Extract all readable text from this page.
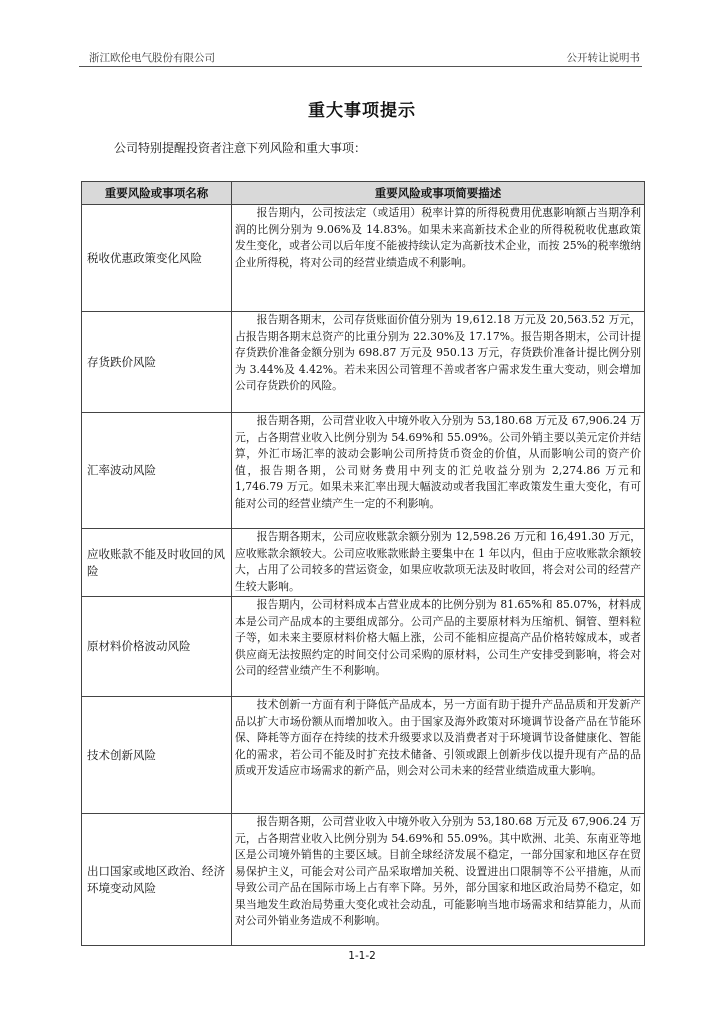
浙江欧伦电气股份有限公司	公开转让说明书
重大事项提示
公司特别提醒投资者注意下列风险和重大事项：
重要风险或事项名称	重要风险或事项简要描述
税收优惠政策变化风险	报告期内，公司按法定（或适用）税率计算的所得税费用优惠影响额占当期净利润的比例分别为 9.06%及 14.83%。如果未来高新技术企业的所得税税收优惠政策发生变化，或者公司以后年度不能被持续认定为高新技术企业，而按 25%的税率缴纳企业所得税，将对公司的经营业绩造成不利影响。
存货跌价风险	报告期各期末，公司存货账面价值分别为 19,612.18 万元及 20,563.52 万元，占报告期各期末总资产的比重分别为 22.30%及 17.17%。报告期各期末，公司计提存货跌价准备金额分别为 698.87 万元及 950.13 万元，存货跌价准备计提比例分别为 3.44%及 4.42%。若未来因公司管理不善或者客户需求发生重大变动，则会增加公司存货跌价的风险。
汇率波动风险	报告期各期，公司营业收入中境外收入分别为 53,180.68 万元及 67,906.24 万元，占各期营业收入比例分别为 54.69%和 55.09%。公司外销主要以美元定价并结算，外汇市场汇率的波动会影响公司所持货币资金的价值，从而影响公司的资产价值，报告期各期，公司财务费用中列支的汇兑收益分别为 2,274.86 万元和 1,746.79 万元。如果未来汇率出现大幅波动或者我国汇率政策发生重大变化，有可能对公司的经营业绩产生一定的不利影响。
应收账款不能及时收回的风险	报告期各期末，公司应收账款余额分别为 12,598.26 万元和 16,491.30 万元，应收账款余额较大。公司应收账款账龄主要集中在 1 年以内，但由于应收账款余额较大，占用了公司较多的营运资金，如果应收款项无法及时收回，将会对公司的经营产生较大影响。
原材料价格波动风险	报告期内，公司材料成本占营业成本的比例分别为 81.65%和 85.07%，材料成本是公司产品成本的主要组成部分。公司产品的主要原材料为压缩机、铜管、塑料粒子等，如未来主要原材料价格大幅上涨，公司不能相应提高产品价格转嫁成本，或者供应商无法按照约定的时间交付公司采购的原材料，公司生产安排受到影响，将会对公司的经营业绩产生不利影响。
技术创新风险	技术创新一方面有利于降低产品成本，另一方面有助于提升产品品质和开发新产品以扩大市场份额从而增加收入。由于国家及海外政策对环境调节设备产品在节能环保、降耗等方面存在持续的技术升级要求以及消费者对于环境调节设备健康化、智能化的需求，若公司不能及时扩充技术储备、引领或跟上创新步伐以提升现有产品的品质或开发适应市场需求的新产品，则会对公司未来的经营业绩造成重大影响。
出口国家或地区政治、经济环境变动风险	报告期各期，公司营业收入中境外收入分别为 53,180.68 万元及 67,906.24 万元，占各期营业收入比例分别为 54.69%和 55.09%。其中欧洲、北美、东南亚等地区是公司境外销售的主要区域。目前全球经济发展不稳定，一部分国家和地区存在贸易保护主义，可能会对公司产品采取增加关税、设置进出口限制等不公平措施，从而导致公司产品在国际市场上占有率下降。另外，部分国家和地区政治局势不稳定，如果当地发生政治局势重大变化或社会动乱，可能影响当地市场需求和结算能力，从而对公司外销业务造成不利影响。
1-1-2
